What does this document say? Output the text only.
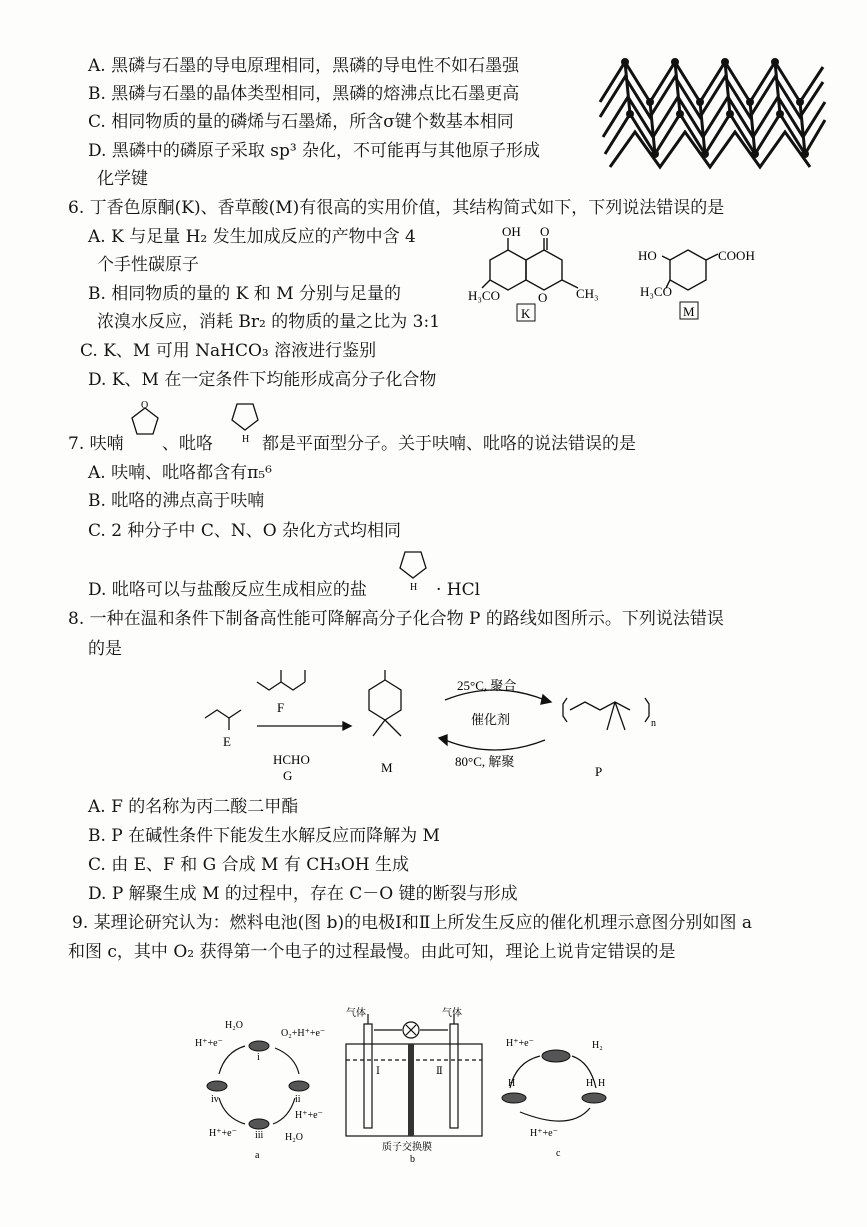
A. 黑磷与石墨的导电原理相同，黑磷的导电性不如石墨强
B. 黑磷与石墨的晶体类型相同，黑磷的熔沸点比石墨更高
C. 相同物质的量的磷烯与石墨烯，所含σ键个数基本相同
D. 黑磷中的磷原子采取 sp³ 杂化，不可能再与其他原子形成
化学键
6. 丁香色原酮(K)、香草酸(M)有很高的实用价值，其结构简式如下，下列说法错误的是
A. K 与足量 H₂ 发生加成反应的产物中含 4
个手性碳原子
B. 相同物质的量的 K 和 M 分别与足量的
浓溴水反应，消耗 Br₂ 的物质的量之比为 3:1
C. K、M 可用 NaHCO₃ 溶液进行鉴别
D. K、M 在一定条件下均能形成高分子化合物
OH O
O CH₃
H₃CO
K
HO	COOH
H₃CO
M
7. 呋喃
O
、吡咯	H 都是平面型分子。关于呋喃、吡咯的说法错误的是
A. 呋喃、吡咯都含有π₅⁶
B. 吡咯的沸点高于呋喃
C. 2 种分子中 C、N、O 杂化方式均相同
D. 吡咯可以与盐酸反应生成相应的盐	H · HCl
8. 一种在温和条件下制备高性能可降解高分子化合物 P 的路线如图所示。下列说法错误
的是
E
F
HCHO
G
M
25°C, 聚合
催化剂
80°C, 解聚
n
P
A. F 的名称为丙二酸二甲酯
B. P 在碱性条件下能发生水解反应而降解为 M
C. 由 E、F 和 G 合成 M 有 CH₃OH 生成
D. P 解聚生成 M 的过程中，存在 C－O 键的断裂与形成
9. 某理论研究认为：燃料电池(图 b)的电极Ⅰ和Ⅱ上所发生反应的催化机理示意图分别如图 a
和图 c，其中 O₂ 获得第一个电子的过程最慢。由此可知，理论上说肯定错误的是
H₂O
H⁺+e⁻
O₂+H⁺+e⁻
i
ii
iii
iv
H⁺+e⁻
H⁺+e⁻	H₂O
a
气体	气体
Ⅰ	Ⅱ
质子交换膜
b
H⁺+e⁻	H₂
H H
H
H⁺+e⁻
c
